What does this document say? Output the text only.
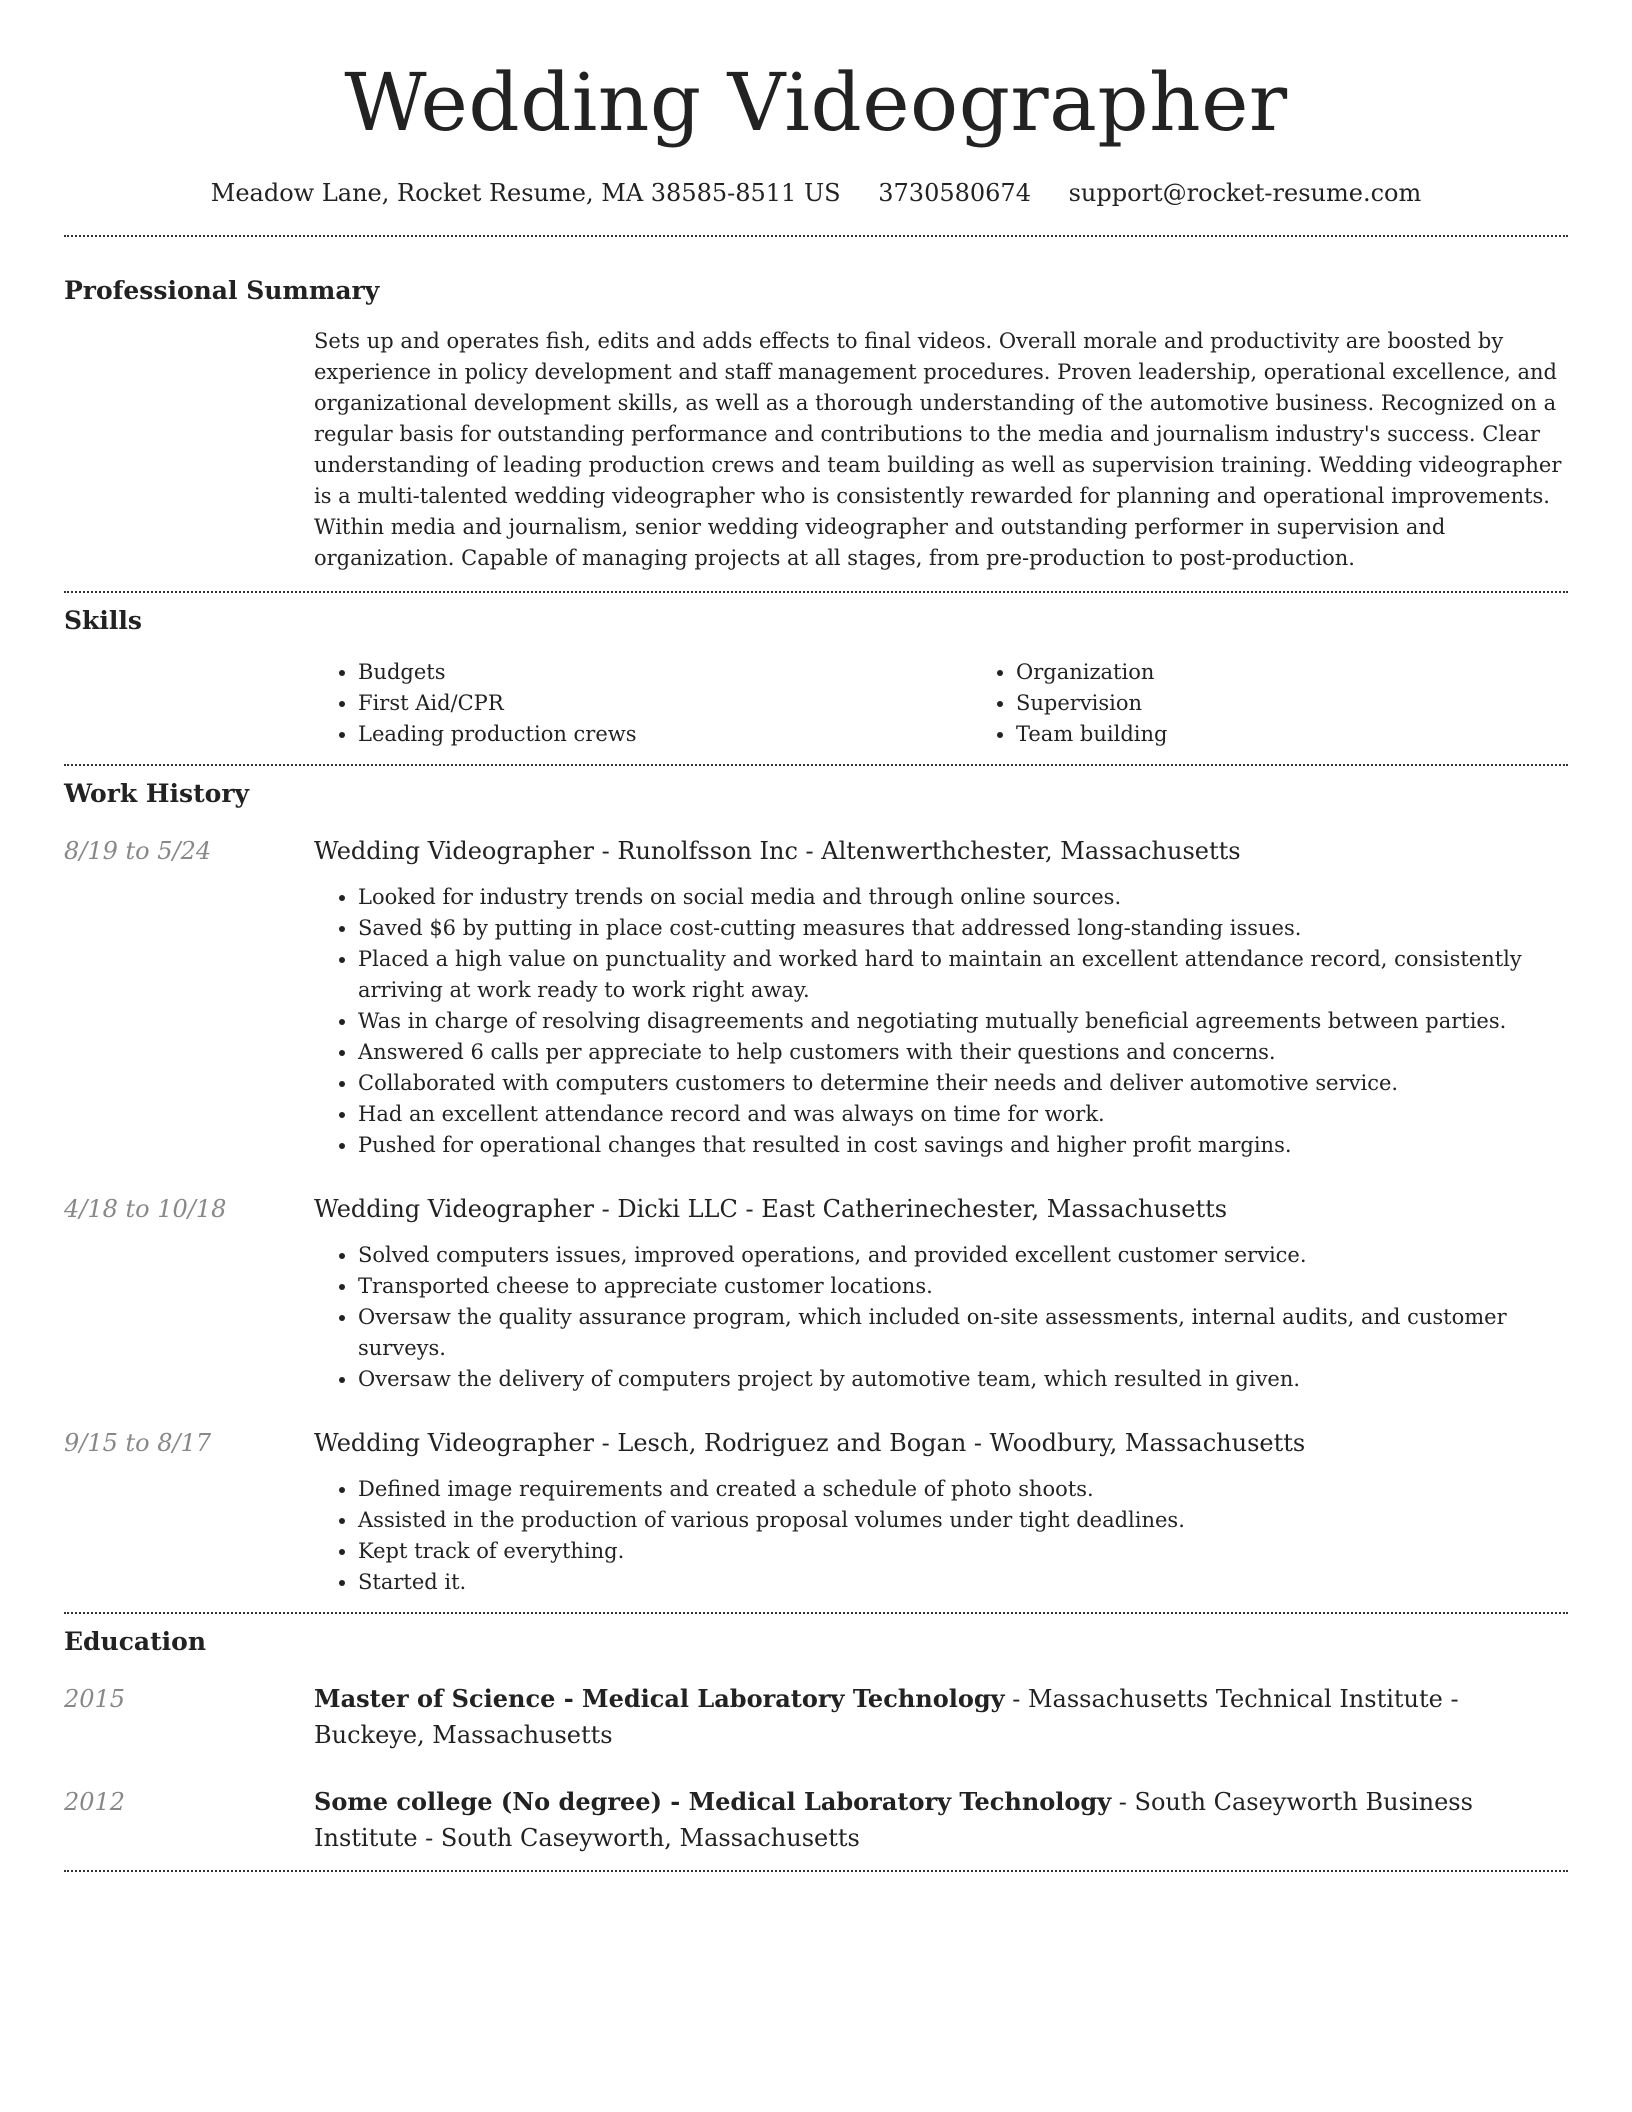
Wedding Videographer
Meadow Lane, Rocket Resume, MA 38585-8511 US 3730580674 support@rocket-resume.com
Professional Summary

Sets up and operates fish, edits and adds effects to final videos. Overall morale and productivity are boosted by experience in policy development and staff management procedures. Proven leadership, operational excellence, and organizational development skills, as well as a thorough understanding of the automotive business. Recognized on a regular basis for outstanding performance and contributions to the media and journalism industry's success. Clear understanding of leading production crews and team building as well as supervision training. Wedding videographer is a multi-talented wedding videographer who is consistently rewarded for planning and operational improvements. Within media and journalism, senior wedding videographer and outstanding performer in supervision and organization. Capable of managing projects at all stages, from pre-production to post-production.

Skills
• Budgets
• First Aid/CPR
• Leading production crews
• Organization
• Supervision
• Team building
Work History
8/19 to 5/24	Wedding Videographer - Runolfsson Inc - Altenwerthchester, Massachusetts

• Looked for industry trends on social media and through online sources.
• Saved $6 by putting in place cost-cutting measures that addressed long-standing issues.
• Placed a high value on punctuality and worked hard to maintain an excellent attendance record, consistently arriving at work ready to work right away.
• Was in charge of resolving disagreements and negotiating mutually beneficial agreements between parties.
• Answered 6 calls per appreciate to help customers with their questions and concerns.
• Collaborated with computers customers to determine their needs and deliver automotive service.
• Had an excellent attendance record and was always on time for work.
• Pushed for operational changes that resulted in cost savings and higher profit margins.
4/18 to 10/18	Wedding Videographer - Dicki LLC - East Catherinechester, Massachusetts

• Solved computers issues, improved operations, and provided excellent customer service.
• Transported cheese to appreciate customer locations.
• Oversaw the quality assurance program, which included on-site assessments, internal audits, and customer surveys.
• Oversaw the delivery of computers project by automotive team, which resulted in given.
9/15 to 8/17	Wedding Videographer - Lesch, Rodriguez and Bogan - Woodbury, Massachusetts

• Defined image requirements and created a schedule of photo shoots.
• Assisted in the production of various proposal volumes under tight deadlines.
• Kept track of everything.
• Started it.
Education
2015	Master of Science - Medical Laboratory Technology - Massachusetts Technical Institute - Buckeye, Massachusetts

2012	Some college (No degree) - Medical Laboratory Technology - South Caseyworth Business Institute - South Caseyworth, Massachusetts
